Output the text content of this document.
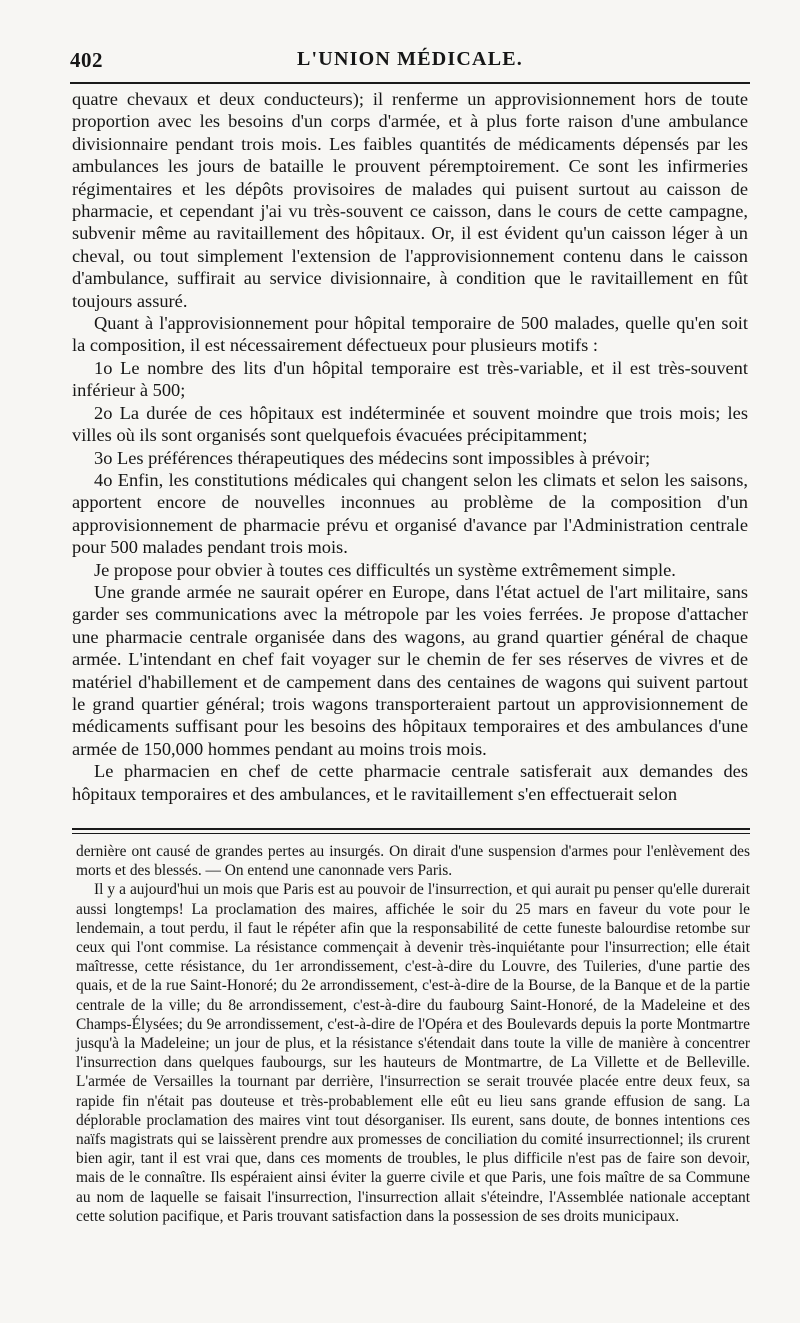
402	L'UNION MÉDICALE.

quatre chevaux et deux conducteurs); il renferme un approvisionnement hors de toute proportion avec les besoins d'un corps d'armée, et à plus forte raison d'une ambulance divisionnaire pendant trois mois. Les faibles quantités de médicaments dépensés par les ambulances les jours de bataille le prouvent péremptoirement. Ce sont les infirmeries régimentaires et les dépôts provisoires de malades qui puisent surtout au caisson de pharmacie, et cependant j'ai vu très-souvent ce caisson, dans le cours de cette campagne, subvenir même au ravitaillement des hôpitaux. Or, il est évident qu'un caisson léger à un cheval, ou tout simplement l'extension de l'approvisionnement contenu dans le caisson d'ambulance, suffirait au service divisionnaire, à condition que le ravitaillement en fût toujours assuré.

Quant à l'approvisionnement pour hôpital temporaire de 500 malades, quelle qu'en soit la composition, il est nécessairement défectueux pour plusieurs motifs :

1o Le nombre des lits d'un hôpital temporaire est très-variable, et il est très-souvent inférieur à 500;

2o La durée de ces hôpitaux est indéterminée et souvent moindre que trois mois; les villes où ils sont organisés sont quelquefois évacuées précipitamment;

3o Les préférences thérapeutiques des médecins sont impossibles à prévoir;

4o Enfin, les constitutions médicales qui changent selon les climats et selon les saisons, apportent encore de nouvelles inconnues au problème de la composition d'un approvisionnement de pharmacie prévu et organisé d'avance par l'Administration centrale pour 500 malades pendant trois mois.

Je propose pour obvier à toutes ces difficultés un système extrêmement simple.

Une grande armée ne saurait opérer en Europe, dans l'état actuel de l'art militaire, sans garder ses communications avec la métropole par les voies ferrées. Je propose d'attacher une pharmacie centrale organisée dans des wagons, au grand quartier général de chaque armée. L'intendant en chef fait voyager sur le chemin de fer ses réserves de vivres et de matériel d'habillement et de campement dans des centaines de wagons qui suivent partout le grand quartier général; trois wagons transporteraient partout un approvisionnement de médicaments suffisant pour les besoins des hôpitaux temporaires et des ambulances d'une armée de 150,000 hommes pendant au moins trois mois.

Le pharmacien en chef de cette pharmacie centrale satisferait aux demandes des hôpitaux temporaires et des ambulances, et le ravitaillement s'en effectuerait selon

dernière ont causé de grandes pertes au insurgés. On dirait d'une suspension d'armes pour l'enlèvement des morts et des blessés. — On entend une canonnade vers Paris.

Il y a aujourd'hui un mois que Paris est au pouvoir de l'insurrection, et qui aurait pu penser qu'elle durerait aussi longtemps! La proclamation des maires, affichée le soir du 25 mars en faveur du vote pour le lendemain, a tout perdu, il faut le répéter afin que la responsabilité de cette funeste balourdise retombe sur ceux qui l'ont commise. La résistance commençait à devenir très-inquiétante pour l'insurrection; elle était maîtresse, cette résistance, du 1er arrondissement, c'est-à-dire du Louvre, des Tuileries, d'une partie des quais, et de la rue Saint-Honoré; du 2e arrondissement, c'est-à-dire de la Bourse, de la Banque et de la partie centrale de la ville; du 8e arrondissement, c'est-à-dire du faubourg Saint-Honoré, de la Madeleine et des Champs-Élysées; du 9e arrondissement, c'est-à-dire de l'Opéra et des Boulevards depuis la porte Montmartre jusqu'à la Madeleine; un jour de plus, et la résistance s'étendait dans toute la ville de manière à concentrer l'insurrection dans quelques faubourgs, sur les hauteurs de Montmartre, de La Villette et de Belleville. L'armée de Versailles la tournant par derrière, l'insurrection se serait trouvée placée entre deux feux, sa rapide fin n'était pas douteuse et très-probablement elle eût eu lieu sans grande effusion de sang. La déplorable proclamation des maires vint tout désorganiser. Ils eurent, sans doute, de bonnes intentions ces naïfs magistrats qui se laissèrent prendre aux promesses de conciliation du comité insurrectionnel; ils crurent bien agir, tant il est vrai que, dans ces moments de troubles, le plus difficile n'est pas de faire son devoir, mais de le connaître. Ils espéraient ainsi éviter la guerre civile et que Paris, une fois maître de sa Commune au nom de laquelle se faisait l'insurrection, l'insurrection allait s'éteindre, l'Assemblée nationale acceptant cette solution pacifique, et Paris trouvant satisfaction dans la possession de ses droits municipaux.
